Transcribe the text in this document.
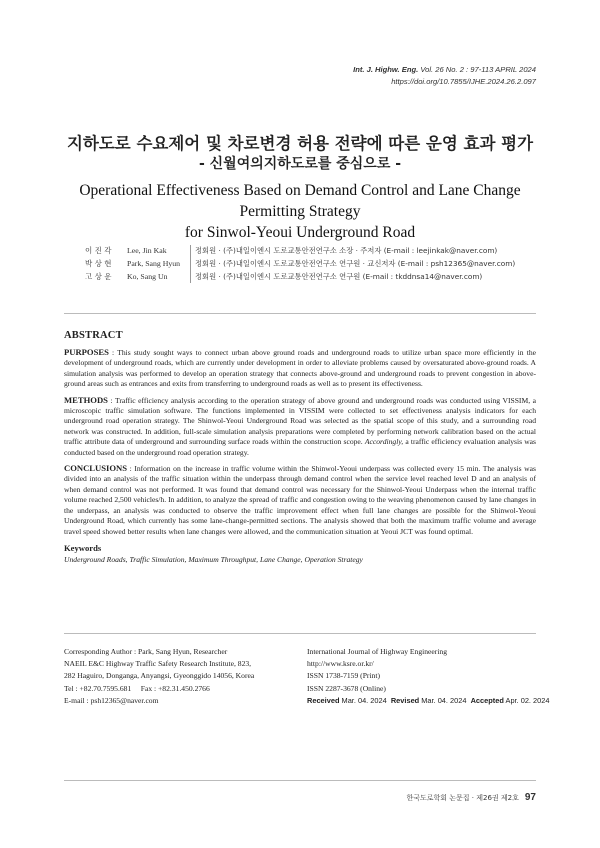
Int. J. Highw. Eng. Vol. 26 No. 2 : 97-113 APRIL 2024
https://doi.org/10.7855/IJHE.2024.26.2.097
지하도로 수요제어 및 차로변경 허용 전략에 따른 운영 효과 평가
- 신월여의지하도로를 중심으로 -
Operational Effectiveness Based on Demand Control and Lane Change Permitting Strategy
for Sinwol-Yeoui Underground Road
이 진 각	Lee, Jin Kak	정회원 · (주)내일이엔시 도로교통안전연구소 소장 · 주저자 (E-mail : leejinkak@naver.com)
박 상 현	Park, Sang Hyun	정회원 · (주)내일이엔시 도로교통안전연구소 연구원 · 교신저자 (E-mail : psh12365@naver.com)
고 상 운	Ko, Sang Un	정회원 · (주)내일이엔시 도로교통안전연구소 연구원 (E-mail : tkddnsa14@naver.com)
ABSTRACT

PURPOSES : This study sought ways to connect urban above ground roads and underground roads to utilize urban space more efficiently in the development of underground roads, which are currently under development in order to alleviate problems caused by oversaturated above-ground roads. A simulation analysis was performed to develop an operation strategy that connects above-ground and underground roads to prevent congestion in above-ground areas such as entrances and exits from transferring to underground roads as well as to present its effectiveness.

METHODS : Traffic efficiency analysis according to the operation strategy of above ground and underground roads was conducted using VISSIM, a microscopic traffic simulation software. The functions implemented in VISSIM were collected to set effectiveness analysis indicators for each underground road operation strategy. The Shinwol-Yeoui Underground Road was selected as the spatial scope of this study, and a surrounding road network was constructed. In addition, full-scale simulation analysis preparations were completed by performing network calibration based on the actual traffic attribute data of underground and surrounding surface roads within the construction scope. Accordingly, a traffic efficiency evaluation analysis was conducted based on the underground road operation strategy.

CONCLUSIONS : Information on the increase in traffic volume within the Shinwol-Yeoui underpass was collected every 15 min. The analysis was divided into an analysis of the traffic situation within the underpass through demand control when the service level reached level D and an analysis of when demand control was not performed. It was found that demand control was necessary for the Shinwol-Yeoui Underpass when the internal traffic volume reached 2,500 vehicles/h. In addition, to analyze the spread of traffic and congestion owing to the weaving phenomenon caused by lane changes in the underpass, an analysis was conducted to observe the traffic improvement effect when full lane changes are possible for the Shinwol-Yeoui Underground Road, which currently has some lane-change-permitted sections. The analysis showed that both the maximum traffic volume and average travel speed showed better results when lane changes were allowed, and the communication situation at Yeoui JCT was found optimal.

Keywords
Underground Roads, Traffic Simulation, Maximum Throughput, Lane Change, Operation Strategy
Corresponding Author : Park, Sang Hyun, Researcher
NAEIL E&C Highway Traffic Safety Research Institute, 823,
282 Haguiro, Donganga, Anyangsi, Gyeonggido 14056, Korea
Tel : +82.70.7595.681     Fax : +82.31.450.2766
E-mail : psh12365@naver.com
International Journal of Highway Engineering
http://www.ksre.or.kr/
ISSN 1738-7159 (Print)
ISSN 2287-3678 (Online)
Received Mar. 04. 2024 Revised Mar. 04. 2024 Accepted Apr. 02. 2024
한국도로학회 논문집 · 제26권 제2호 97
